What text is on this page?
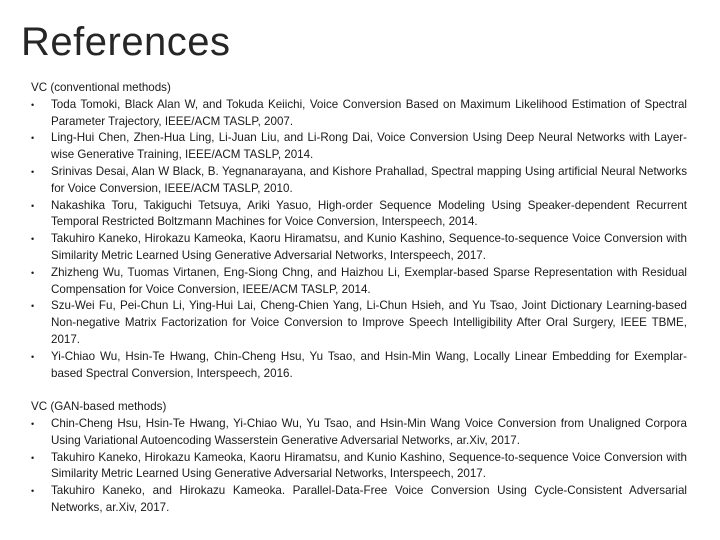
References

VC (conventional methods)

•	Toda Tomoki, Black Alan W, and Tokuda Keiichi, Voice Conversion Based on Maximum Likelihood Estimation of Spectral Parameter Trajectory, IEEE/ACM TASLP, 2007.
•	Ling-Hui Chen, Zhen-Hua Ling, Li-Juan Liu, and Li-Rong Dai, Voice Conversion Using Deep Neural Networks with Layer-wise Generative Training, IEEE/ACM TASLP, 2014.
•	Srinivas Desai, Alan W Black, B. Yegnanarayana, and Kishore Prahallad, Spectral mapping Using artificial Neural Networks for Voice Conversion, IEEE/ACM TASLP, 2010.
•	Nakashika Toru, Takiguchi Tetsuya, Ariki Yasuo, High-order Sequence Modeling Using Speaker-dependent Recurrent Temporal Restricted Boltzmann Machines for Voice Conversion, Interspeech, 2014.
•	Takuhiro Kaneko, Hirokazu Kameoka, Kaoru Hiramatsu, and Kunio Kashino, Sequence-to-sequence Voice Conversion with Similarity Metric Learned Using Generative Adversarial Networks, Interspeech, 2017.
•	Zhizheng Wu, Tuomas Virtanen, Eng-Siong Chng, and Haizhou Li, Exemplar-based Sparse Representation with Residual Compensation for Voice Conversion, IEEE/ACM TASLP, 2014.
•	Szu-Wei Fu, Pei-Chun Li, Ying-Hui Lai, Cheng-Chien Yang, Li-Chun Hsieh, and Yu Tsao, Joint Dictionary Learning-based Non-negative Matrix Factorization for Voice Conversion to Improve Speech Intelligibility After Oral Surgery, IEEE TBME, 2017.
•	Yi-Chiao Wu, Hsin-Te Hwang, Chin-Cheng Hsu, Yu Tsao, and Hsin-Min Wang, Locally Linear Embedding for Exemplar-based Spectral Conversion, Interspeech, 2016.

VC (GAN-based methods)

•	Chin-Cheng Hsu, Hsin-Te Hwang, Yi-Chiao Wu, Yu Tsao, and Hsin-Min Wang Voice Conversion from Unaligned Corpora Using Variational Autoencoding Wasserstein Generative Adversarial Networks, ar.Xiv, 2017.
•	Takuhiro Kaneko, Hirokazu Kameoka, Kaoru Hiramatsu, and Kunio Kashino, Sequence-to-sequence Voice Conversion with Similarity Metric Learned Using Generative Adversarial Networks, Interspeech, 2017.
•	Takuhiro Kaneko, and Hirokazu Kameoka. Parallel-Data-Free Voice Conversion Using Cycle-Consistent Adversarial Networks, ar.Xiv, 2017.
